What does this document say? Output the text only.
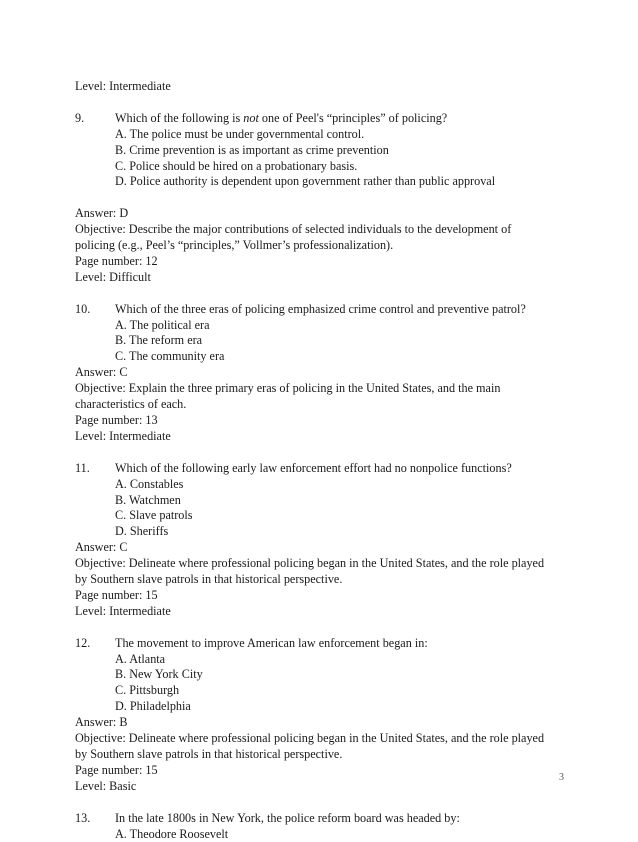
Level: Intermediate
9.	Which of the following is not one of Peel's “principles” of policing?
A. The police must be under governmental control.
B. Crime prevention is as important as crime prevention
C. Police should be hired on a probationary basis.
D. Police authority is dependent upon government rather than public approval
Answer: D
Objective: Describe the major contributions of selected individuals to the development of
policing (e.g., Peel’s “principles,” Vollmer’s professionalization).
Page number: 12
Level: Difficult
10. Which of the three eras of policing emphasized crime control and preventive patrol?
A. The political era
B. The reform era
C. The community era
Answer: C
Objective: Explain the three primary eras of policing in the United States, and the main
characteristics of each.
Page number: 13
Level: Intermediate
11. Which of the following early law enforcement effort had no nonpolice functions?
A. Constables
B. Watchmen
C. Slave patrols
D. Sheriffs
Answer: C
Objective: Delineate where professional policing began in the United States, and the role played
by Southern slave patrols in that historical perspective.
Page number: 15
Level: Intermediate
12. The movement to improve American law enforcement began in:
A. Atlanta
B. New York City
C. Pittsburgh
D. Philadelphia
Answer: B
Objective: Delineate where professional policing began in the United States, and the role played
by Southern slave patrols in that historical perspective.
Page number: 15
Level: Basic
13. In the late 1800s in New York, the police reform board was headed by:
A. Theodore Roosevelt
3
